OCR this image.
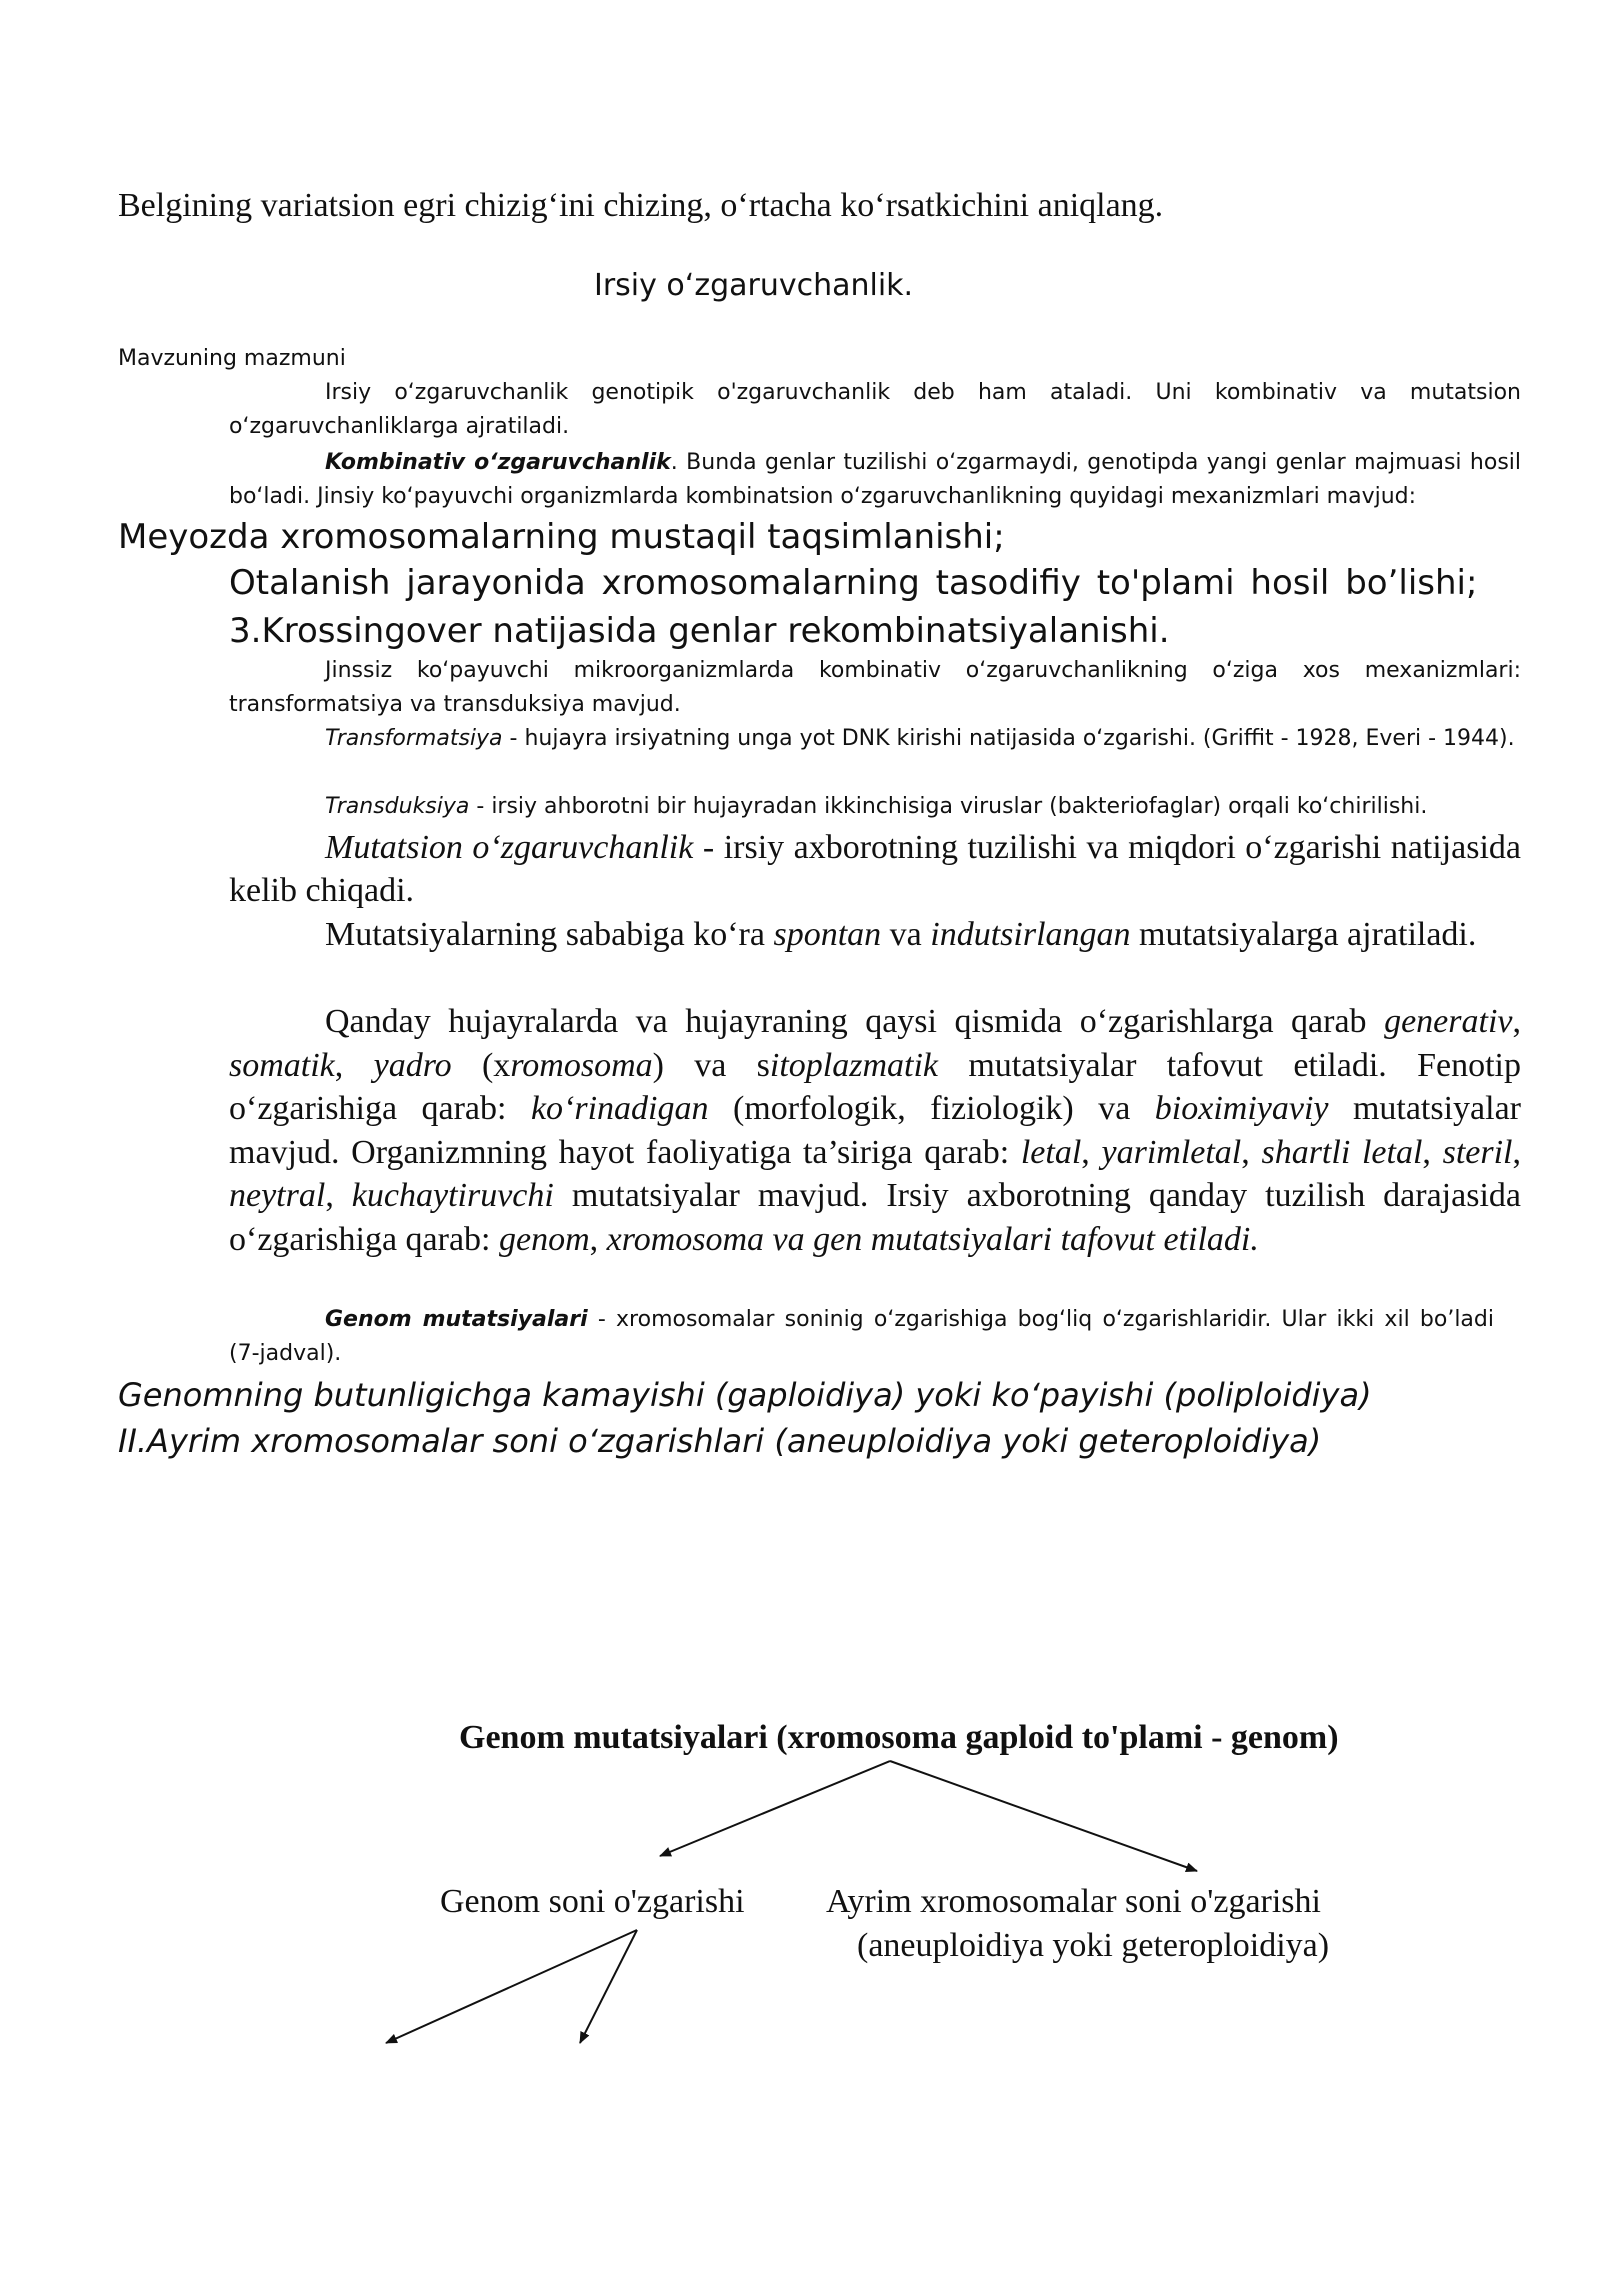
Belgining variatsion egri chizig‘ini chizing, o‘rtacha ko‘rsatkichini aniqlang.

Irsiy o‘zgaruvchanlik.

Mavzuning mazmuni

Irsiy o‘zgaruvchanlik genotipik o'zgaruvchanlik deb ham ataladi. Uni kombinativ va mutatsion o‘zgaruvchanliklarga ajratiladi.

Kombinativ o‘zgaruvchanlik. Bunda genlar tuzilishi o‘zgarmaydi, genotipda yangi genlar majmuasi hosil bo‘ladi. Jinsiy ko‘payuvchi organizmlarda kombinatsion o‘zgaruvchanlikning quyidagi mexanizmlari mavjud:

Meyozda xromosomalarning mustaqil taqsimlanishi;

Otalanish jarayonida xromosomalarning tasodifiy to'plami hosil bo’lishi;

3.Krossingover natijasida genlar rekombinatsiyalanishi.

Jinssiz ko‘payuvchi mikroorganizmlarda kombinativ o‘zgaruvchanlikning o‘ziga xos mexanizmlari: transformatsiya va transduksiya mavjud.

Transformatsiya - hujayra irsiyatning unga yot DNK kirishi natijasida o‘zgarishi. (Griffit - 1928, Everi - 1944).

Transduksiya - irsiy ahborotni bir hujayradan ikkinchisiga viruslar (bakteriofaglar) orqali ko‘chirilishi.

Mutatsion o‘zgaruvchanlik - irsiy axborotning tuzilishi va miqdori o‘zgarishi natijasida kelib chiqadi.

Mutatsiyalarning sababiga ko‘ra spontan va indutsirlangan mutatsiyalarga ajratiladi.

Qanday hujayralarda va hujayraning qaysi qismida o‘zgarishlarga qarab generativ, somatik, yadro (xromosoma) va sitoplazmatik mutatsiyalar tafovut etiladi. Fenotip o‘zgarishiga qarab: ko‘rinadigan (morfologik, fiziologik) va bioximiyaviy mutatsiyalar mavjud. Organizmning hayot faoliyatiga ta’siriga qarab: letal, yarimletal, shartli letal, steril, neytral, kuchaytiruvchi mutatsiyalar mavjud. Irsiy axborotning qanday tuzilish darajasida o‘zgarishiga qarab: genom, xromosoma va gen mutatsiyalari tafovut etiladi.

Genom mutatsiyalari - xromosomalar soninig o‘zgarishiga bog‘liq o‘zgarishlaridir. Ular ikki xil bo’ladi (7-jadval).

Genomning butunligichga kamayishi (gaploidiya) yoki ko‘payishi (poliploidiya) II.Ayrim xromosomalar soni o‘zgarishlari (aneuploidiya yoki geteroploidiya)

Genom mutatsiyalari (xromosoma gaploid to'plami - genom)

Genom soni o'zgarishi Ayrim xromosomalar soni o'zgarishi

(aneuploidiya yoki geteroploidiya)
